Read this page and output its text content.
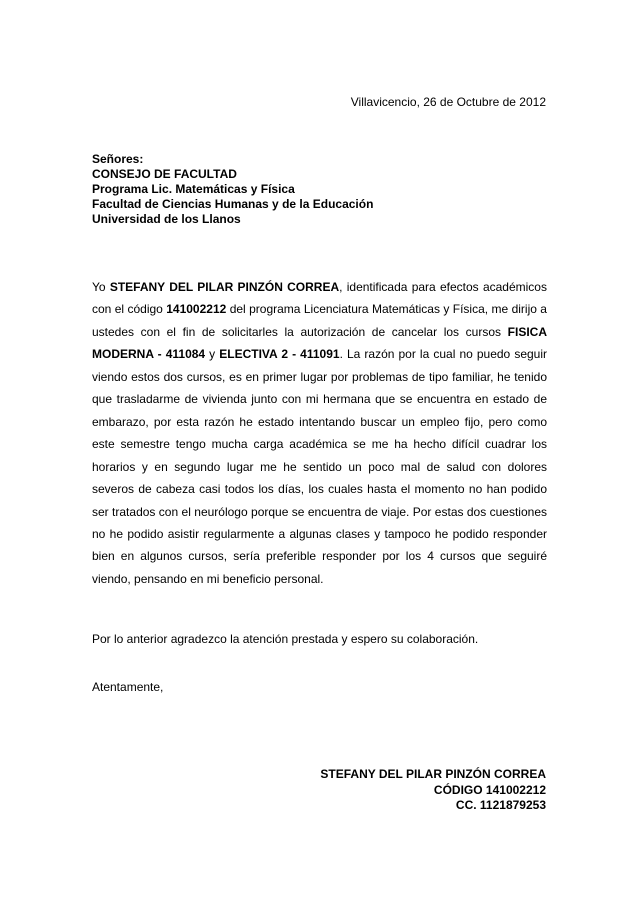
Villavicencio, 26 de Octubre de 2012
Señores:
CONSEJO DE FACULTAD
Programa Lic. Matemáticas y Física
Facultad de Ciencias Humanas y de la Educación
Universidad de los Llanos
Yo STEFANY DEL PILAR PINZÓN CORREA, identificada para efectos académicos con el código 141002212 del programa Licenciatura Matemáticas y Física, me dirijo a ustedes con el fin de solicitarles la autorización de cancelar los cursos FISICA MODERNA - 411084 y ELECTIVA 2 - 411091. La razón por la cual no puedo seguir viendo estos dos cursos, es en primer lugar por problemas de tipo familiar, he tenido que trasladarme de vivienda junto con mi hermana que se encuentra en estado de embarazo, por esta razón he estado intentando buscar un empleo fijo, pero como este semestre tengo mucha carga académica se me ha hecho difícil cuadrar los horarios y en segundo lugar me he sentido un poco mal de salud con dolores severos de cabeza casi todos los días, los cuales hasta el momento no han podido ser tratados con el neurólogo porque se encuentra de viaje. Por estas dos cuestiones no he podido asistir regularmente a algunas clases y tampoco he podido responder bien en algunos cursos, sería preferible responder por los 4 cursos que seguiré viendo, pensando en mi beneficio personal.
Por lo anterior agradezco la atención prestada y espero su colaboración.
Atentamente,
STEFANY DEL PILAR PINZÓN CORREA
CÓDIGO 141002212
CC. 1121879253
